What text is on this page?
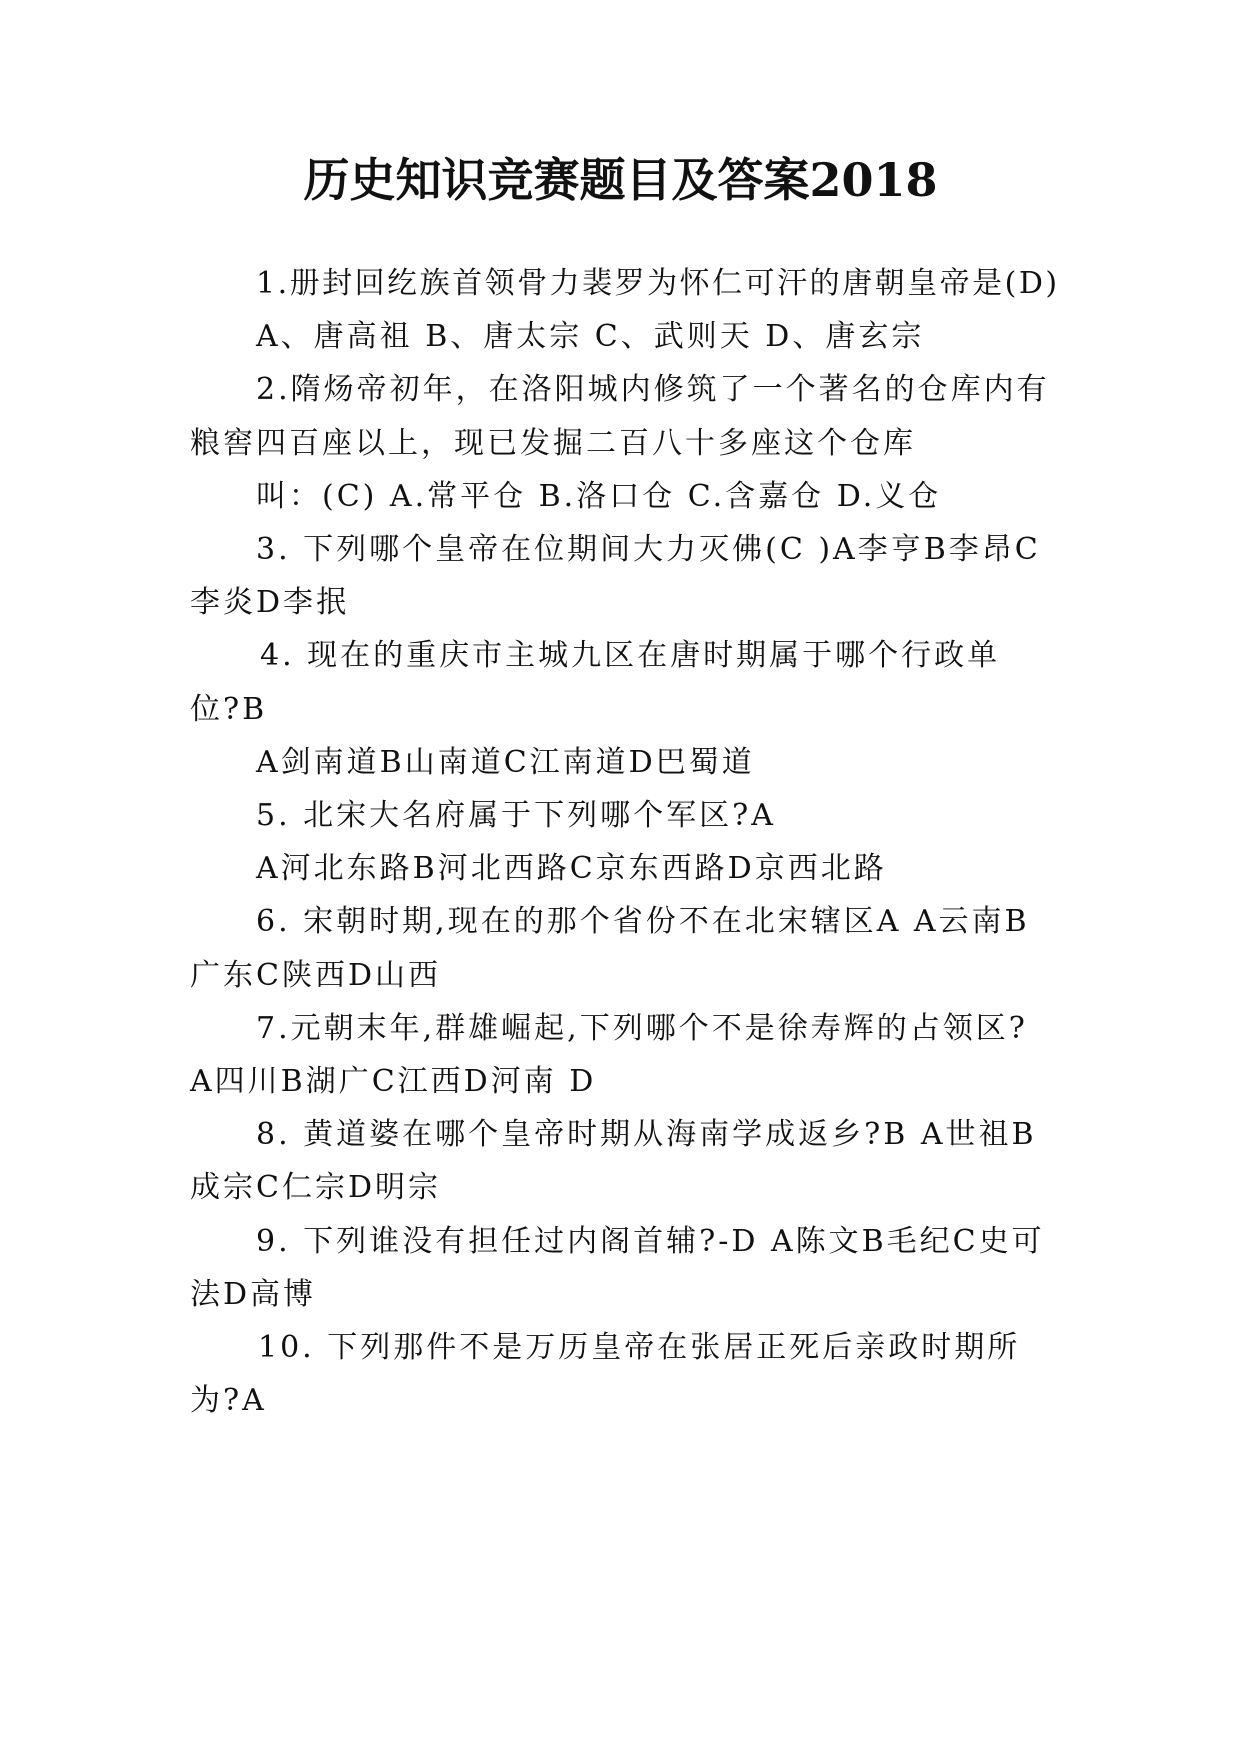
历史知识竞赛题目及答案2018
1.册封回纥族首领骨力裴罗为怀仁可汗的唐朝皇帝是(D)
A、唐高祖 B、唐太宗 C、武则天 D、唐玄宗
2.隋炀帝初年，在洛阳城内修筑了一个著名的仓库内有
粮窖四百座以上，现已发掘二百八十多座这个仓库
叫：(C) A.常平仓 B.洛口仓 C.含嘉仓 D.义仓
3. 下列哪个皇帝在位期间大力灭佛(C )A李亨B李昂C
李炎D李抿
4. 现在的重庆市主城九区在唐时期属于哪个行政单
位?B
A剑南道B山南道C江南道D巴蜀道
5. 北宋大名府属于下列哪个军区?A
A河北东路B河北西路C京东西路D京西北路
6. 宋朝时期,现在的那个省份不在北宋辖区A A云南B
广东C陕西D山西
7.元朝末年,群雄崛起,下列哪个不是徐寿辉的占领区?
A四川B湖广C江西D河南 D
8. 黄道婆在哪个皇帝时期从海南学成返乡?B A世祖B
成宗C仁宗D明宗
9. 下列谁没有担任过内阁首辅?-D A陈文B毛纪C史可
法D高博
10. 下列那件不是万历皇帝在张居正死后亲政时期所
为?A
